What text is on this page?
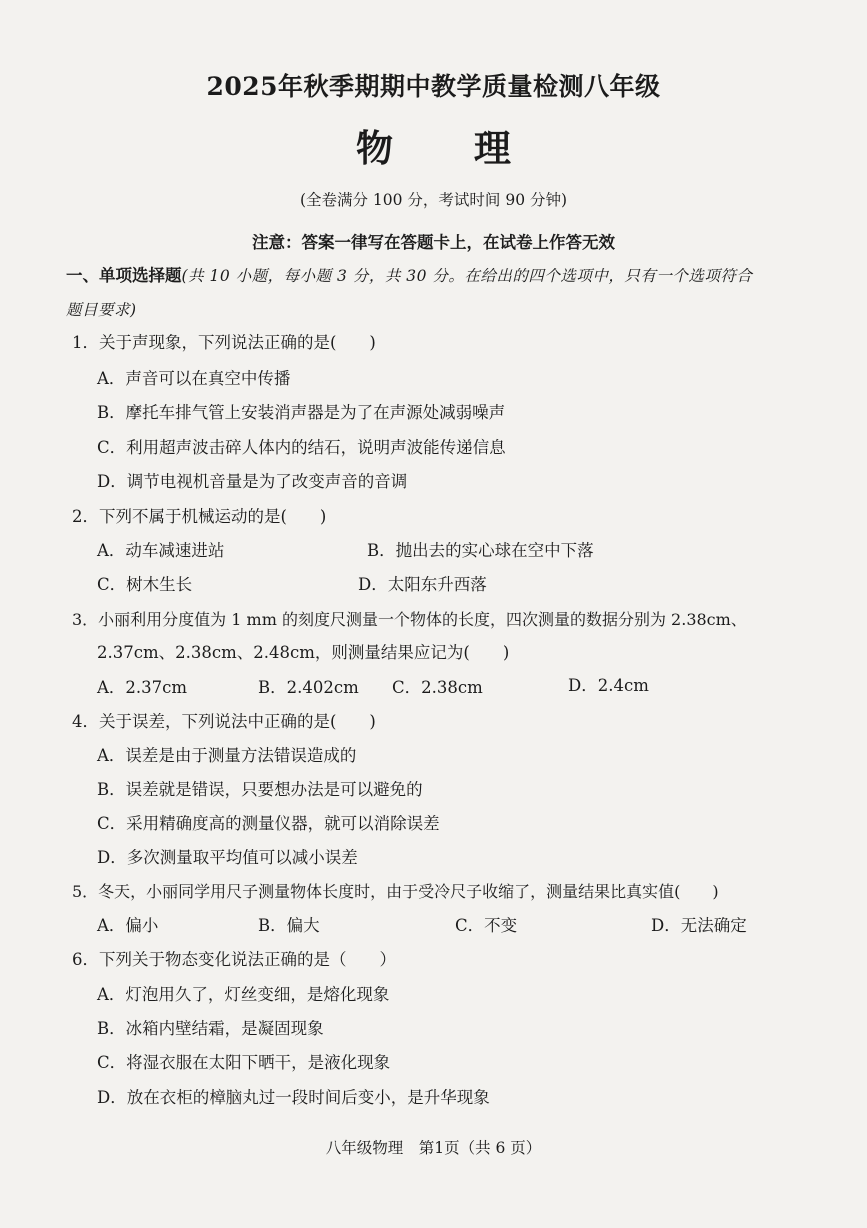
2025年秋季期期中教学质量检测八年级
物 理
(全卷满分 100 分，考试时间 90 分钟)
注意：答案一律写在答题卡上，在试卷上作答无效
一、单项选择题(共 10 小题，每小题 3 分，共 30 分。在给出的四个选项中，只有一个选项符合
题目要求)
1．关于声现象，下列说法正确的是(　　)
A．声音可以在真空中传播
B．摩托车排气管上安装消声器是为了在声源处减弱噪声
C．利用超声波击碎人体内的结石，说明声波能传递信息
D．调节电视机音量是为了改变声音的音调
2．下列不属于机械运动的是(　　)
A．动车减速进站	B．抛出去的实心球在空中下落
C．树木生长	D．太阳东升西落
3．小丽利用分度值为 1 mm 的刻度尺测量一个物体的长度，四次测量的数据分别为 2.38cm、
2.37cm、2.38cm、2.48cm，则测量结果应记为(　　)
A．2.37cm	B．2.402cm C．2.38cm	D．2.4cm
4．关于误差，下列说法中正确的是(　　)
A．误差是由于测量方法错误造成的
B．误差就是错误，只要想办法是可以避免的
C．采用精确度高的测量仪器，就可以消除误差
D．多次测量取平均值可以减小误差
5．冬天，小丽同学用尺子测量物体长度时，由于受冷尺子收缩了，测量结果比真实值(　　)
A．偏小	B．偏大	C．不变	D．无法确定
6．下列关于物态变化说法正确的是（　　）
A．灯泡用久了，灯丝变细，是熔化现象
B．冰箱内壁结霜，是凝固现象
C．将湿衣服在太阳下晒干，是液化现象
D．放在衣柜的樟脑丸过一段时间后变小，是升华现象
八年级物理　第1页（共 6 页）
